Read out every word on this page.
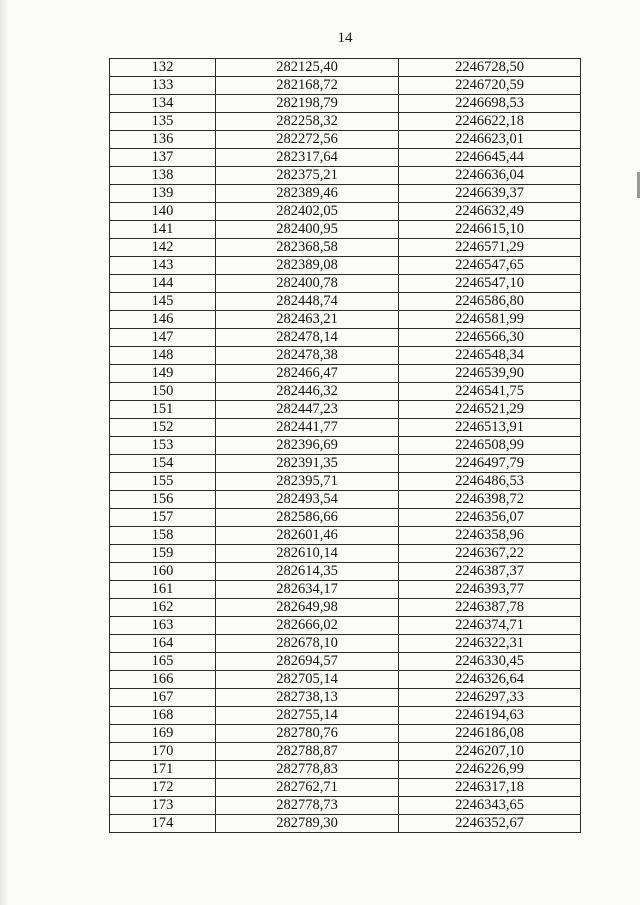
14
132	282125,40	2246728,50
133	282168,72	2246720,59
134	282198,79	2246698,53
135	282258,32	2246622,18
136	282272,56	2246623,01
137	282317,64	2246645,44
138	282375,21	2246636,04
139	282389,46	2246639,37
140	282402,05	2246632,49
141	282400,95	2246615,10
142	282368,58	2246571,29
143	282389,08	2246547,65
144	282400,78	2246547,10
145	282448,74	2246586,80
146	282463,21	2246581,99
147	282478,14	2246566,30
148	282478,38	2246548,34
149	282466,47	2246539,90
150	282446,32	2246541,75
151	282447,23	2246521,29
152	282441,77	2246513,91
153	282396,69	2246508,99
154	282391,35	2246497,79
155	282395,71	2246486,53
156	282493,54	2246398,72
157	282586,66	2246356,07
158	282601,46	2246358,96
159	282610,14	2246367,22
160	282614,35	2246387,37
161	282634,17	2246393,77
162	282649,98	2246387,78
163	282666,02	2246374,71
164	282678,10	2246322,31
165	282694,57	2246330,45
166	282705,14	2246326,64
167	282738,13	2246297,33
168	282755,14	2246194,63
169	282780,76	2246186,08
170	282788,87	2246207,10
171	282778,83	2246226,99
172	282762,71	2246317,18
173	282778,73	2246343,65
174	282789,30	2246352,67
